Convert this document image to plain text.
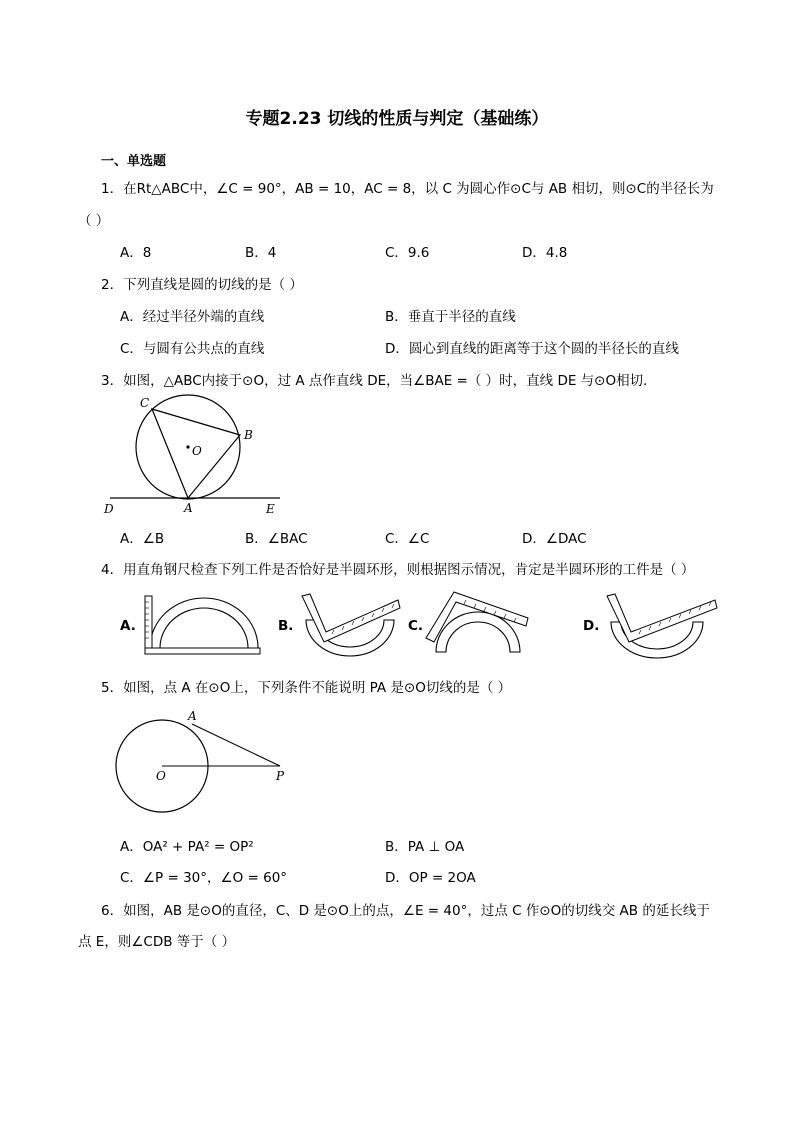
专题2.23 切线的性质与判定（基础练）
一、单选题
1．在Rt△ABC中，∠C = 90°，AB = 10，AC = 8，以 C 为圆心作⊙C与 AB 相切，则⊙C的半径长为
（ ）
A．8	B．4	C．9.6	D．4.8
2．下列直线是圆的切线的是（ ）
A．经过半径外端的直线	B．垂直于半径的直线
C．与圆有公共点的直线	D．圆心到直线的距离等于这个圆的半径长的直线
3．如图，△ABC内接于⊙O，过 A 点作直线 DE，当∠BAE =（ ）时，直线 DE 与⊙O相切．
C
B
O
D	A	E
A．∠B	B．∠BAC	C．∠C	D．∠DAC
4．用直角钢尺检查下列工件是否恰好是半圆环形，则根据图示情况，肯定是半圆环形的工件是（ ）
A.	B.	C.	D.
5．如图，点 A 在⊙O上，下列条件不能说明 PA 是⊙O切线的是（ ）
A
O	P
A．OA² + PA² = OP²	B．PA ⊥ OA
C．∠P = 30°，∠O = 60°	D．OP = 2OA
6．如图，AB 是⊙O的直径，C、D 是⊙O上的点，∠E = 40°，过点 C 作⊙O的切线交 AB 的延长线于
点 E，则∠CDB 等于（ ）
